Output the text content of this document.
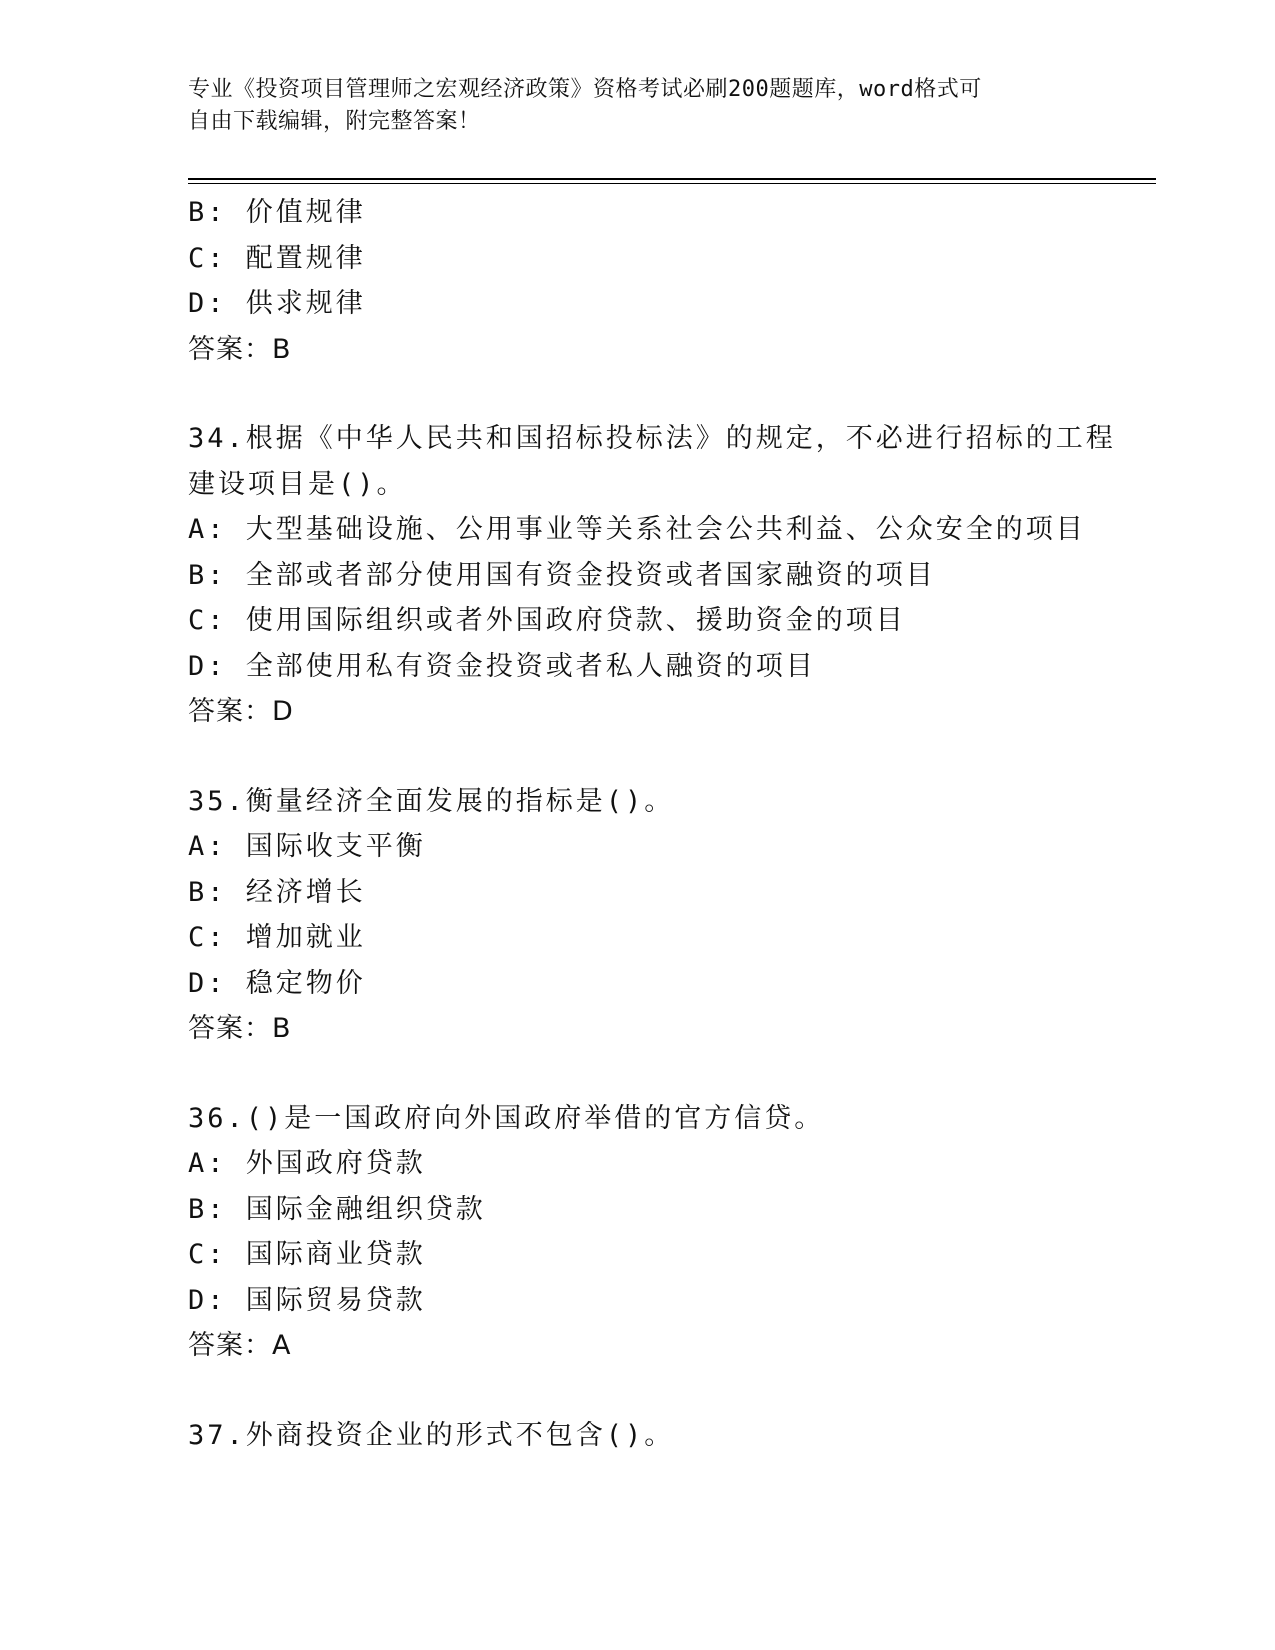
专业《投资项目管理师之宏观经济政策》资格考试必刷200题题库，word格式可
自由下载编辑，附完整答案！
B: 价值规律
C: 配置规律
D: 供求规律
答案：B
34.根据《中华人民共和国招标投标法》的规定，不必进行招标的工程
建设项目是()。
A: 大型基础设施、公用事业等关系社会公共利益、公众安全的项目
B: 全部或者部分使用国有资金投资或者国家融资的项目
C: 使用国际组织或者外国政府贷款、援助资金的项目
D: 全部使用私有资金投资或者私人融资的项目
答案：D
35.衡量经济全面发展的指标是()。
A: 国际收支平衡
B: 经济增长
C: 增加就业
D: 稳定物价
答案：B
36.()是一国政府向外国政府举借的官方信贷。
A: 外国政府贷款
B: 国际金融组织贷款
C: 国际商业贷款
D: 国际贸易贷款
答案：A
37.外商投资企业的形式不包含()。
